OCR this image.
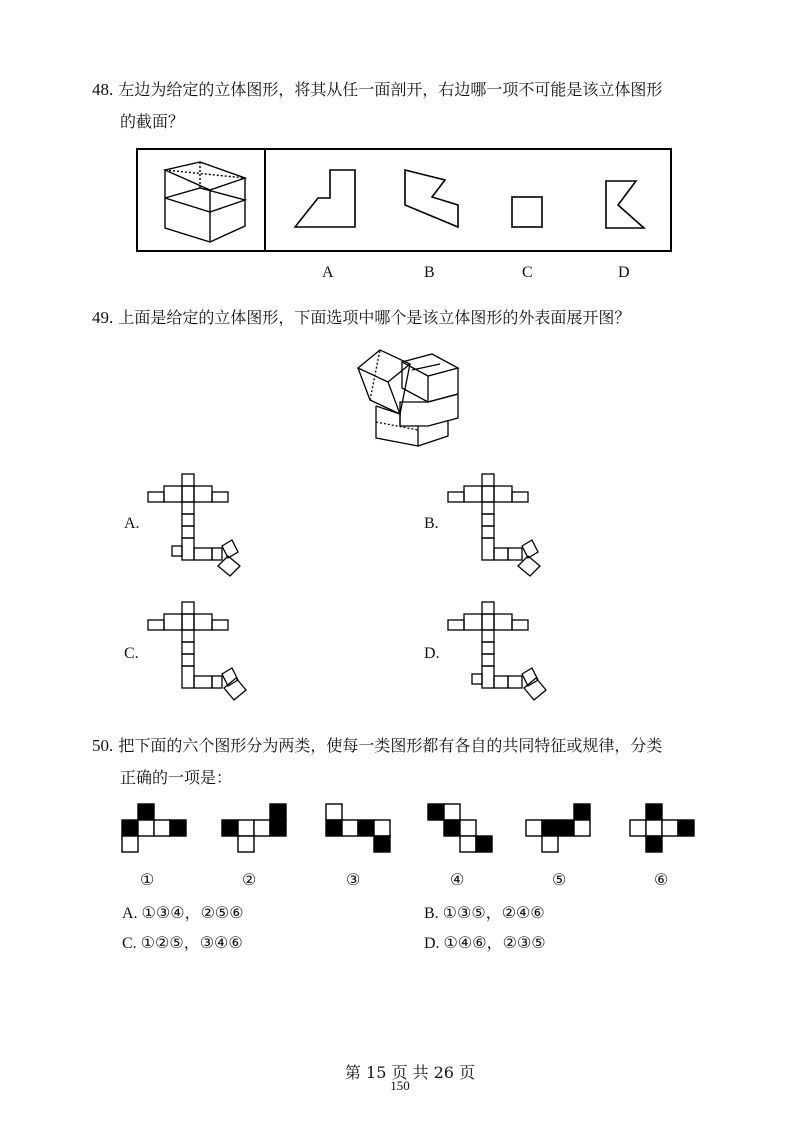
48. 左边为给定的立体图形，将其从任一面剖开，右边哪一项不可能是该立体图形
的截面？
A	B	C	D
49. 上面是给定的立体图形，下面选项中哪个是该立体图形的外表面展开图？
A.	B.
C.	D.
50. 把下面的六个图形分为两类，使每一类图形都有各自的共同特征或规律，分类
正确的一项是：
①	②	③	④	⑤	⑥
A. ①③④，②⑤⑥	B. ①③⑤，②④⑥
C. ①②⑤，③④⑥	D. ①④⑥，②③⑤
第 15 页 共 26 页
150
